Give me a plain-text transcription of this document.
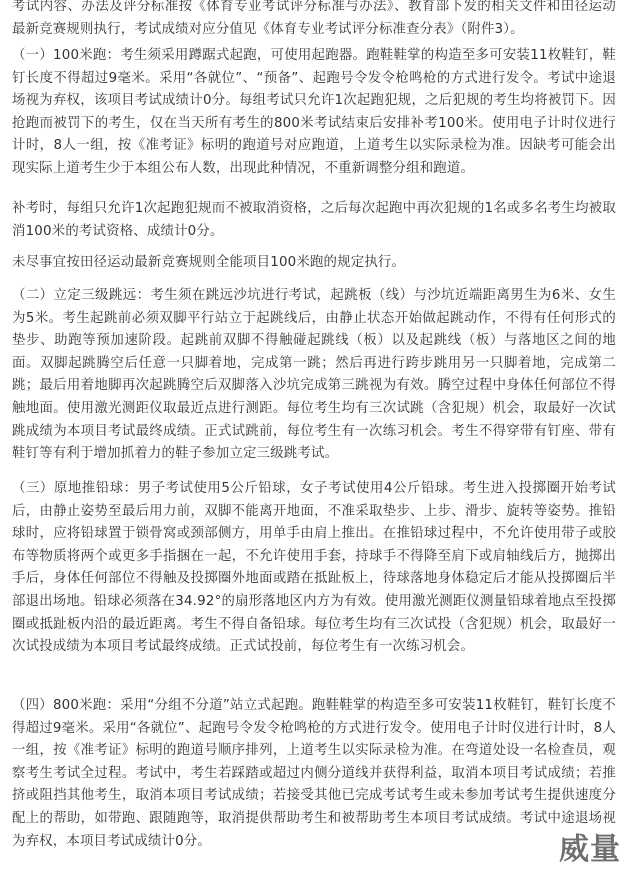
考试内容、办法及评分标准按《体育专业考试评分标准与办法》、教育部下发的相关文件和田径运动最新竞赛规则执行，考试成绩对应分值见《体育专业考试评分标准查分表》（附件3）。

（一）100米跑：考生须采用蹲踞式起跑，可使用起跑器。跑鞋鞋掌的构造至多可安装11枚鞋钉，鞋钉长度不得超过9毫米。采用“各就位”、“预备”、起跑号令发令枪鸣枪的方式进行发令。考试中途退场视为弃权，该项目考试成绩计0分。每组考试只允许1次起跑犯规，之后犯规的考生均将被罚下。因抢跑而被罚下的考生，仅在当天所有考生的800米考试结束后安排补考100米。使用电子计时仪进行计时，8人一组，按《准考证》标明的跑道号对应跑道，上道考生以实际录检为准。因缺考可能会出现实际上道考生少于本组公布人数，出现此种情况，不重新调整分组和跑道。

补考时，每组只允许1次起跑犯规而不被取消资格，之后每次起跑中再次犯规的1名或多名考生均被取消100米的考试资格、成绩计0分。

未尽事宜按田径运动最新竞赛规则全能项目100米跑的规定执行。

（二）立定三级跳远：考生须在跳远沙坑进行考试，起跳板（线）与沙坑近端距离男生为6米、女生为5米。考生起跳前必须双脚平行站立于起跳线后，由静止状态开始做起跳动作，不得有任何形式的垫步、助跑等预加速阶段。起跳前双脚不得触碰起跳线（板）以及起跳线（板）与落地区之间的地面。双脚起跳腾空后任意一只脚着地，完成第一跳；然后再进行跨步跳用另一只脚着地，完成第二跳；最后用着地脚再次起跳腾空后双脚落入沙坑完成第三跳视为有效。腾空过程中身体任何部位不得触地面。使用激光测距仪取最近点进行测距。每位考生均有三次试跳（含犯规）机会，取最好一次试跳成绩为本项目考试最终成绩。正式试跳前，每位考生有一次练习机会。考生不得穿带有钉座、带有鞋钉等有利于增加抓着力的鞋子参加立定三级跳考试。

（三）原地推铅球：男子考试使用5公斤铅球，女子考试使用4公斤铅球。考生进入投掷圈开始考试后，由静止姿势至最后用力前，双脚不能离开地面，不准采取垫步、上步、滑步、旋转等姿势。推铅球时，应将铅球置于锁骨窝或颈部侧方，用单手由肩上推出。在推铅球过程中，不允许使用带子或胶布等物质将两个或更多手指捆在一起，不允许使用手套，持球手不得降至肩下或肩轴线后方，抛掷出手后，身体任何部位不得触及投掷圈外地面或踏在抵趾板上，待球落地身体稳定后才能从投掷圈后半部退出场地。铅球必须落在34.92°的扇形落地区内方为有效。使用激光测距仪测量铅球着地点至投掷圈或抵趾板内沿的最近距离。考生不得自备铅球。每位考生均有三次试投（含犯规）机会，取最好一次试投成绩为本项目考试最终成绩。正式试投前，每位考生有一次练习机会。

（四）800米跑：采用“分组不分道”站立式起跑。跑鞋鞋掌的构造至多可安装11枚鞋钉，鞋钉长度不得超过9毫米。采用“各就位”、起跑号令发令枪鸣枪的方式进行发令。使用电子计时仪进行计时，8人一组，按《准考证》标明的跑道号顺序排列，上道考生以实际录检为准。在弯道处设一名检查员，观察考生考试全过程。考试中，考生若踩踏或超过内侧分道线并获得利益，取消本项目考试成绩；若推挤或阻挡其他考生，取消本项目考试成绩；若接受其他已完成考试考生或未参加考试考生提供速度分配上的帮助，如带跑、跟随跑等，取消提供帮助考生和被帮助考生本项目考试成绩。考试中途退场视为弃权，本项目考试成绩计0分。	威量
